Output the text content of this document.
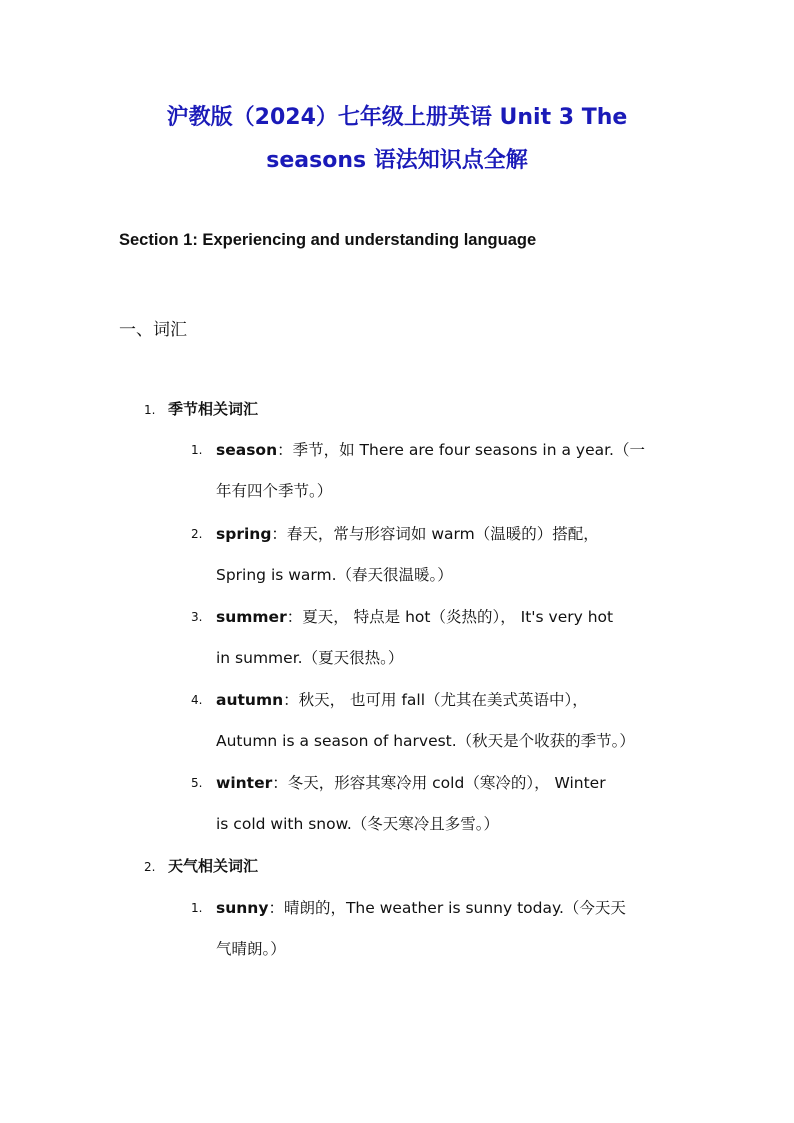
沪教版（2024）七年级上册英语 Unit 3 The
seasons 语法知识点全解
Section 1: Experiencing and understanding language
一、词汇
1. 季节相关词汇
1. season：季节，如 There are four seasons in a year.（一
年有四个季节。）
2. spring：春天，常与形容词如 warm（温暖的）搭配，
Spring is warm.（春天很温暖。）
3. summer：夏天， 特点是 hot（炎热的）， It's very hot
in summer.（夏天很热。）
4. autumn：秋天， 也可用 fall（尤其在美式英语中），
Autumn is a season of harvest.（秋天是个收获的季节。）
5. winter：冬天，形容其寒冷用 cold（寒冷的）， Winter
is cold with snow.（冬天寒冷且多雪。）
2. 天气相关词汇
1. sunny：晴朗的，The weather is sunny today.（今天天
气晴朗。）
